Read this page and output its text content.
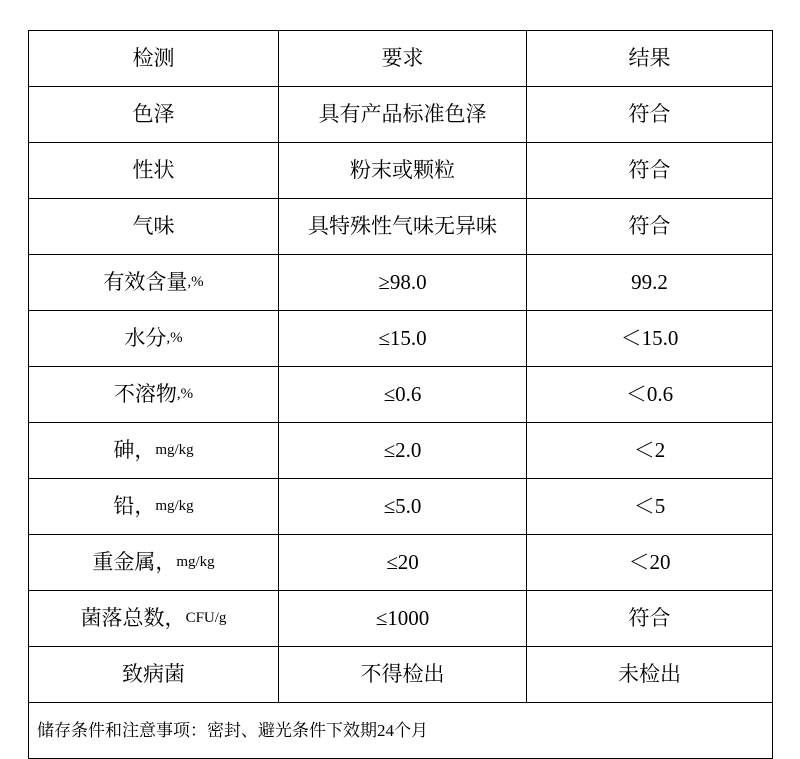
检测	要求	结果

色泽	具有产品标准色泽	符合

性状	粉末或颗粒	符合

气味	具特殊性气味无异味	符合

有效含量 ,%	≥98.0	99.2

水分 ,%	≤15.0	＜15.0

不溶物 ,%	≤0.6	＜0.6

砷， mg/kg	≤2.0	＜2

铅， mg/kg	≤5.0	＜5

重金属， mg/kg	≤20	＜20

菌落总数， CFU/g	≤1000	符合

致病菌	不得检出	未检出

储存条件和注意事项：密封、避光条件下效期24个月		
